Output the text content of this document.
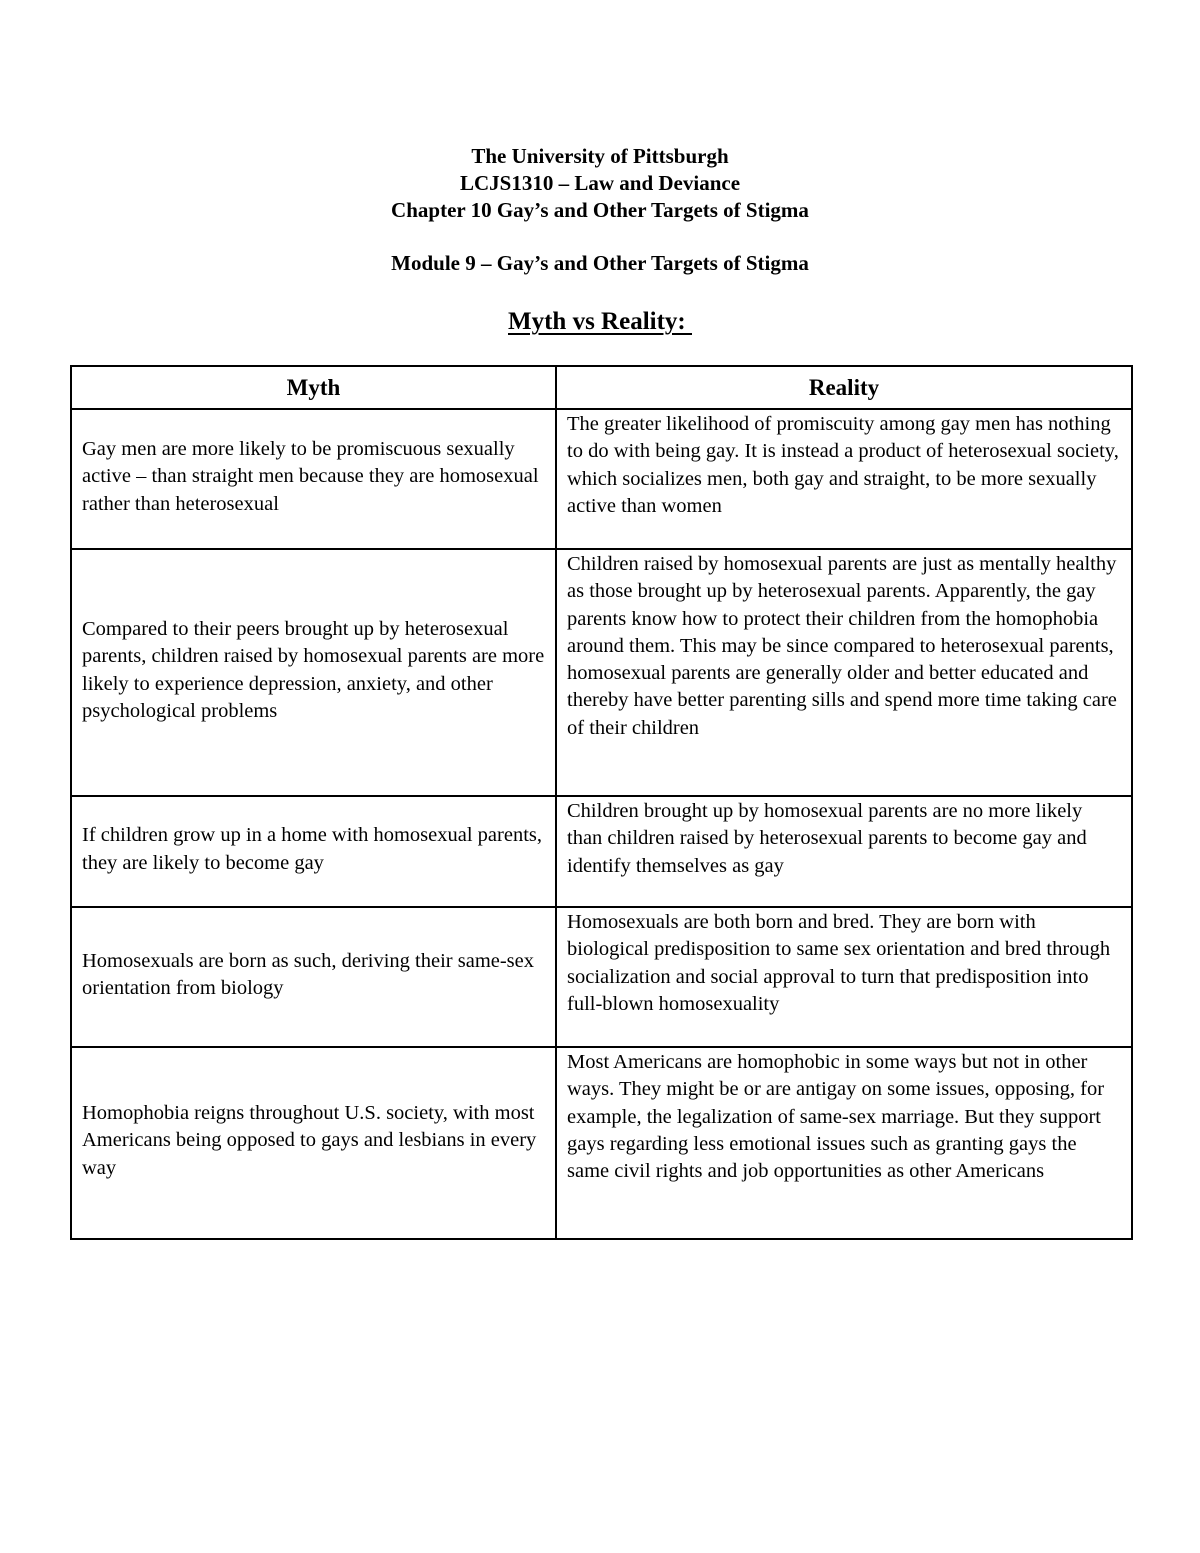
The University of Pittsburgh
LCJS1310 – Law and Deviance
Chapter 10 Gay’s and Other Targets of Stigma
Module 9 – Gay’s and Other Targets of Stigma
Myth vs Reality:
Myth	Reality
Gay men are more likely to be promiscuous sexually active – than straight men because they are homosexual rather than heterosexual	The greater likelihood of promiscuity among gay men has nothing to do with being gay. It is instead a product of heterosexual society, which socializes men, both gay and straight, to be more sexually active than women
Compared to their peers brought up by heterosexual parents, children raised by homosexual parents are more likely to experience depression, anxiety, and other psychological problems	Children raised by homosexual parents are just as mentally healthy as those brought up by heterosexual parents. Apparently, the gay parents know how to protect their children from the homophobia around them. This may be since compared to heterosexual parents, homosexual parents are generally older and better educated and thereby have better parenting sills and spend more time taking care of their children
If children grow up in a home with homosexual parents, they are likely to become gay	Children brought up by homosexual parents are no more likely than children raised by heterosexual parents to become gay and identify themselves as gay
Homosexuals are born as such, deriving their same-sex orientation from biology	Homosexuals are both born and bred. They are born with biological predisposition to same sex orientation and bred through socialization and social approval to turn that predisposition into full-blown homosexuality
Homophobia reigns throughout U.S. society, with most Americans being opposed to gays and lesbians in every way	Most Americans are homophobic in some ways but not in other ways. They might be or are antigay on some issues, opposing, for example, the legalization of same-sex marriage. But they support gays regarding less emotional issues such as granting gays the same civil rights and job opportunities as other Americans
